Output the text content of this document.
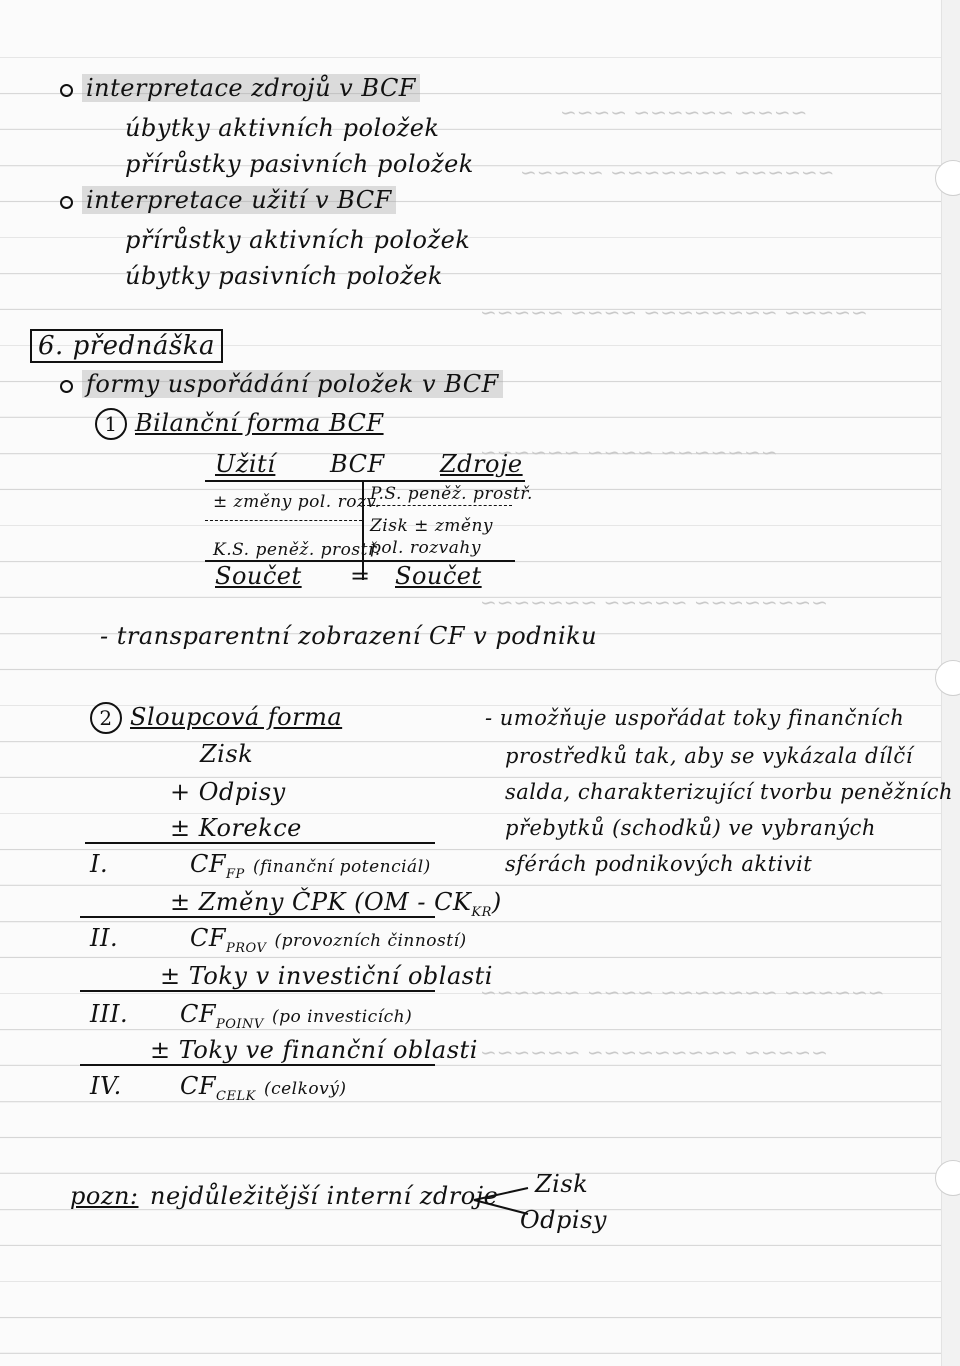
~~~~ ~~~~~~ ~~~~
~~~~~~ ~~~~~~~ ~~~~~
~~~~~ ~~~~~~~~ ~~~~ ~~~~~
~~~~~~~ ~~~~ ~~~~~~
~~~~~~~~ ~~~~~ ~~~~~~~
~~~~~~ ~~~~~~~ ~~~~ ~~~~~~
~~~~~ ~~~~~~~~~ ~~~~~~
interpretace zdrojů v BCF
úbytky aktivních položek
přírůstky pasivních položek
interpretace užití v BCF
přírůstky aktivních položek
úbytky pasivních položek
6. přednáška
formy uspořádání položek v BCF
1 Bilanční forma BCF
Užití BCF Zdroje
P.S. peněž. prostř.
± změny pol. rozv.
Zisk ± změny pol. rozvahy
K.S. peněž. prostř.
Součet = Součet
- transparentní zobrazení CF v podniku
2 Sloupcová forma
Zisk
+ Odpisy
± Korekce
I.	$CF_{FP}$ (finanční potenciál)
± Změny ČPK $(OM - CK_{KR})$
II.	$CF_{PROV}$ (provozních činností)
± Toky v investiční oblasti
III. $CF_{POINV}$ (po investicích)
± Toky ve finanční oblasti
IV. $CF_{CELK}$ (celkový)
- umožňuje uspořádat toky finančních
prostředků tak, aby se vykázala dílčí
salda, charakterizující tvorbu peněžních
přebytků (schodků) ve vybraných
sférách podnikových aktivit
pozn: nejdůležitější interní zdroje Zisk
Odpisy
